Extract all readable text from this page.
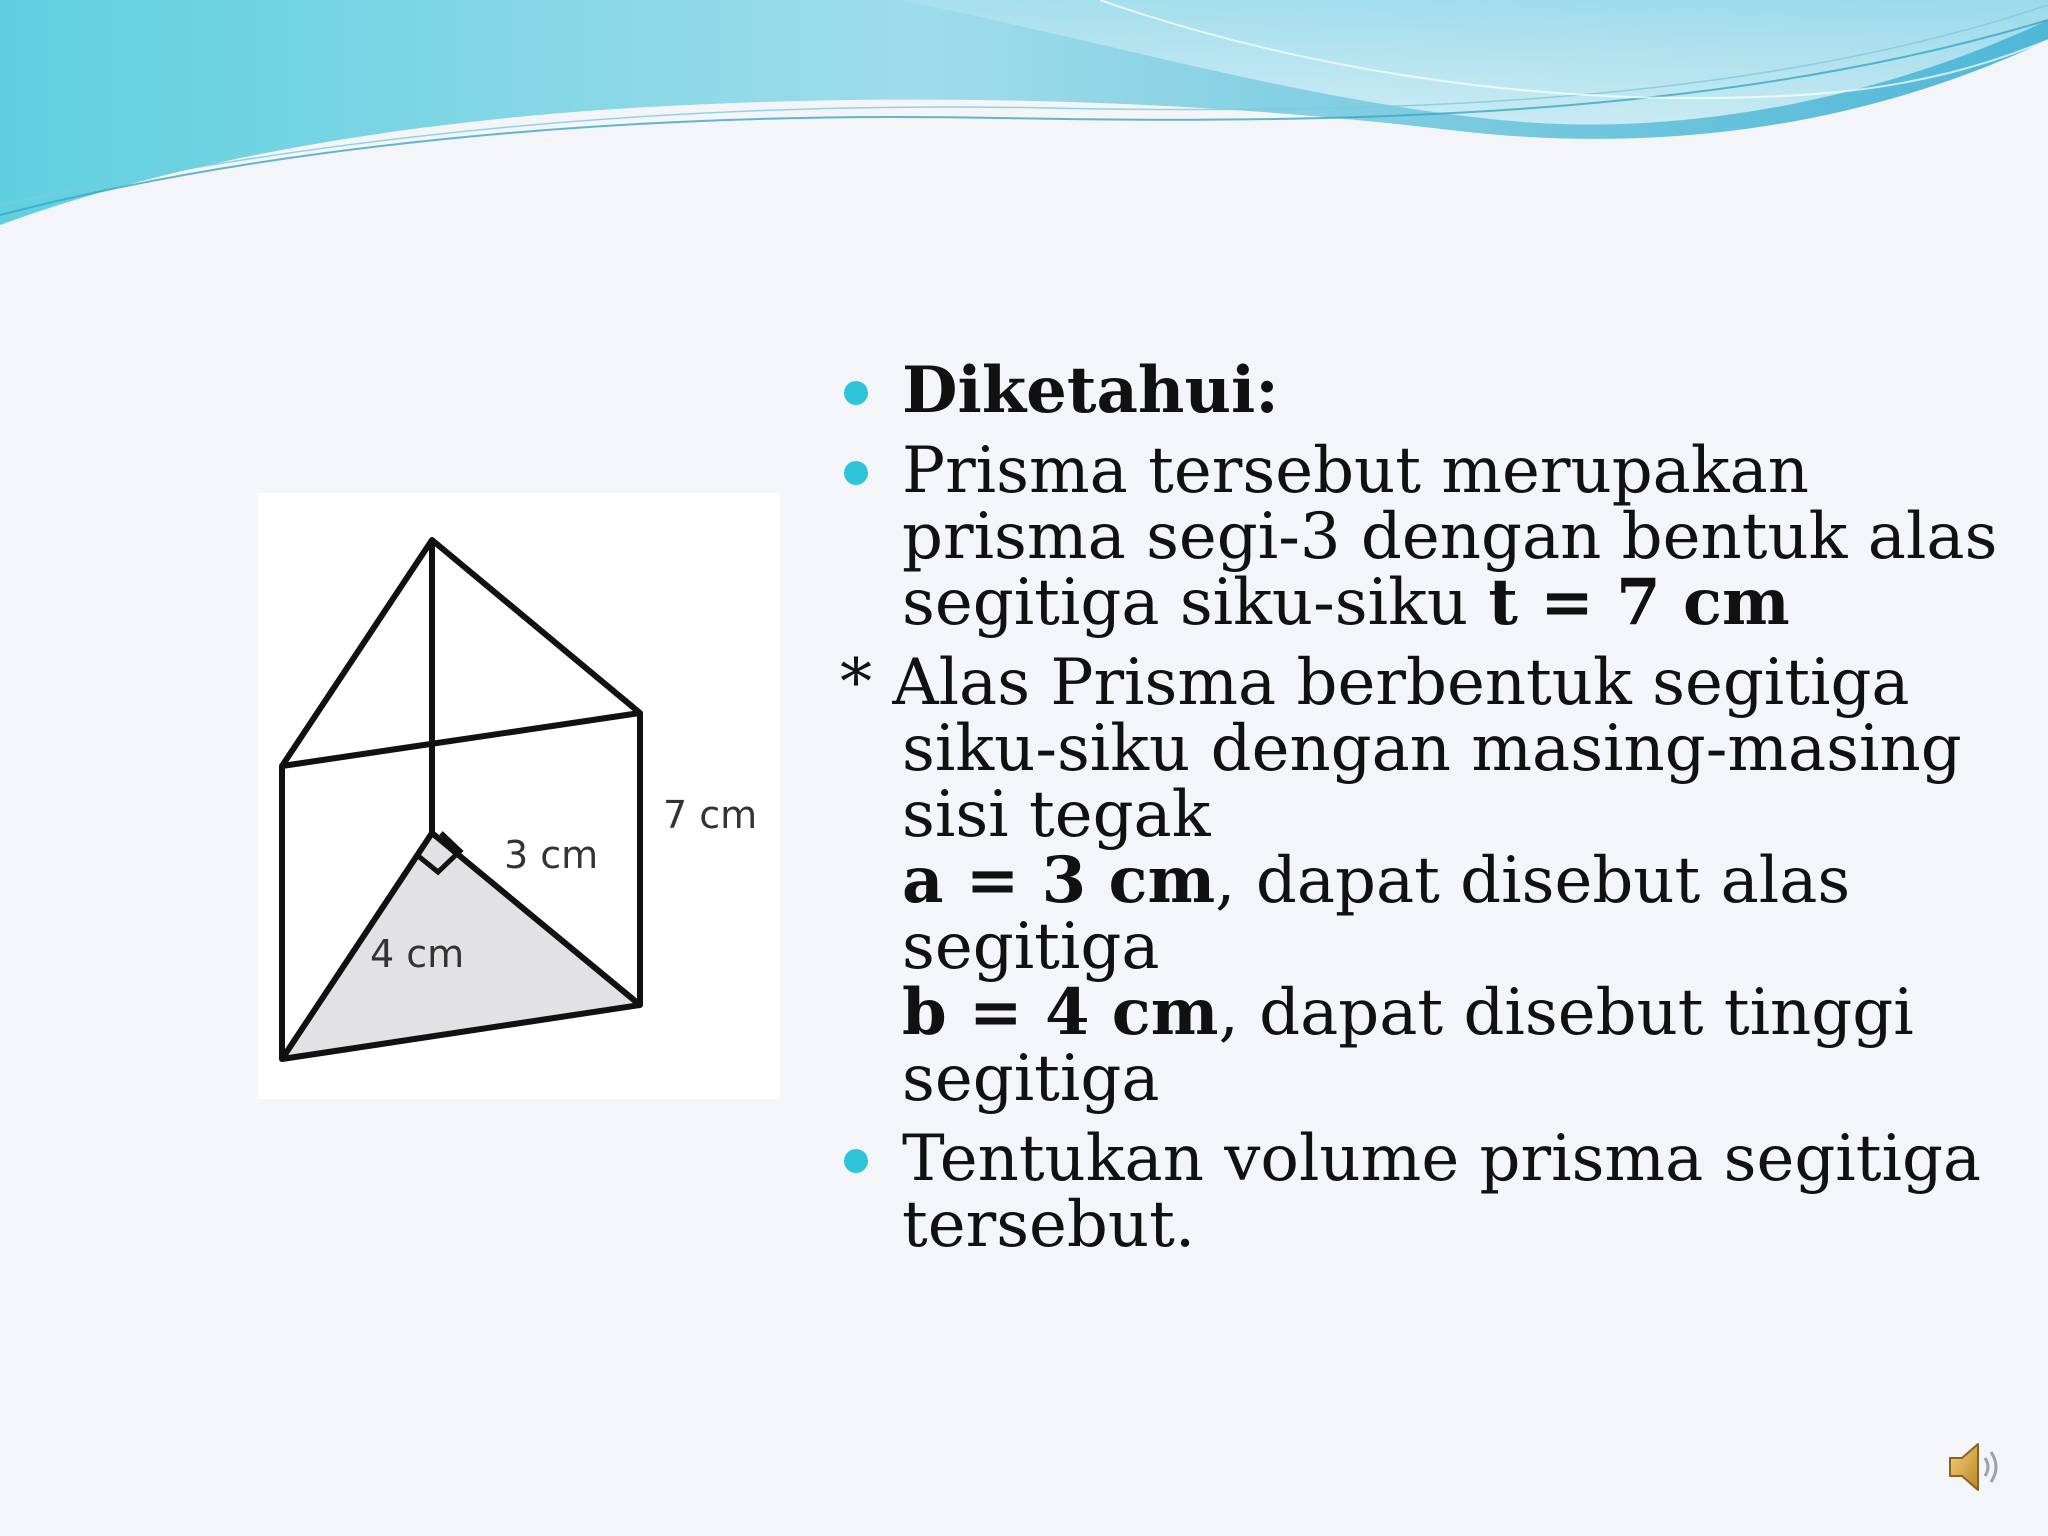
7 cm
3 cm
4 cm
Diketahui:
Prisma tersebut merupakan
prisma segi-3 dengan bentuk alas
segitiga siku-siku t = 7 cm
* Alas Prisma berbentuk segitiga
siku-siku dengan masing-masing
sisi tegak
a = 3 cm, dapat disebut alas
segitiga
b = 4 cm, dapat disebut tinggi
segitiga
Tentukan volume prisma segitiga
tersebut.
